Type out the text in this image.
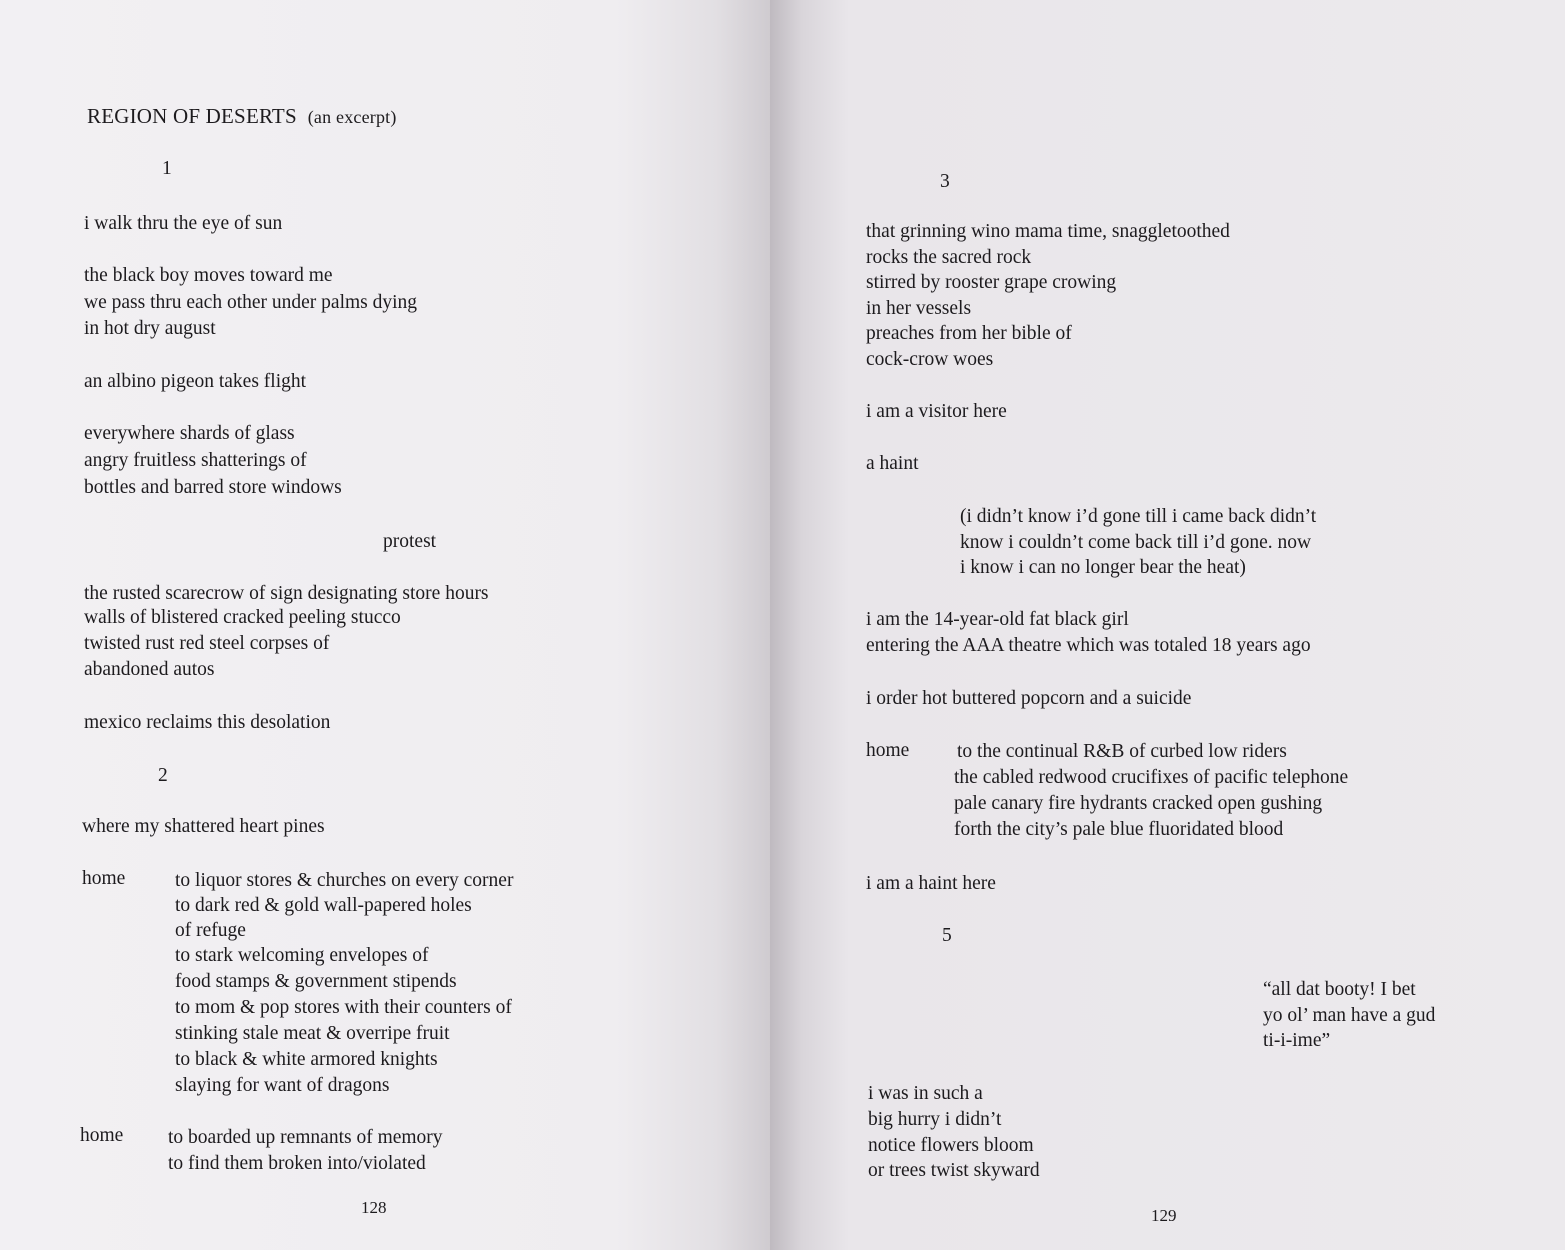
REGION OF DESERTS (an excerpt)
1
i walk thru the eye of sun
the black boy moves toward me
we pass thru each other under palms dying
in hot dry august
an albino pigeon takes flight
everywhere shards of glass
angry fruitless shatterings of
bottles and barred store windows
protest
the rusted scarecrow of sign designating store hours
walls of blistered cracked peeling stucco
twisted rust red steel corpses of
abandoned autos
mexico reclaims this desolation
2
where my shattered heart pines
home	to liquor stores & churches on every corner
to dark red & gold wall-papered holes
of refuge
to stark welcoming envelopes of
food stamps & government stipends
to mom & pop stores with their counters of
stinking stale meat & overripe fruit
to black & white armored knights
slaying for want of dragons
home to boarded up remnants of memory
to find them broken into/violated
128
3
that grinning wino mama time, snaggletoothed
rocks the sacred rock
stirred by rooster grape crowing
in her vessels
preaches from her bible of
cock-crow woes
i am a visitor here
a haint
(i didn’t know i’d gone till i came back didn’t
know i couldn’t come back till i’d gone. now
i know i can no longer bear the heat)
i am the 14-year-old fat black girl
entering the AAA theatre which was totaled 18 years ago
i order hot buttered popcorn and a suicide
home to the continual R&B of curbed low riders
the cabled redwood crucifixes of pacific telephone
pale canary fire hydrants cracked open gushing
forth the city’s pale blue fluoridated blood
i am a haint here
5
“all dat booty! I bet
yo ol’ man have a gud
ti-i-ime”
i was in such a
big hurry i didn’t
notice flowers bloom
or trees twist skyward
129
